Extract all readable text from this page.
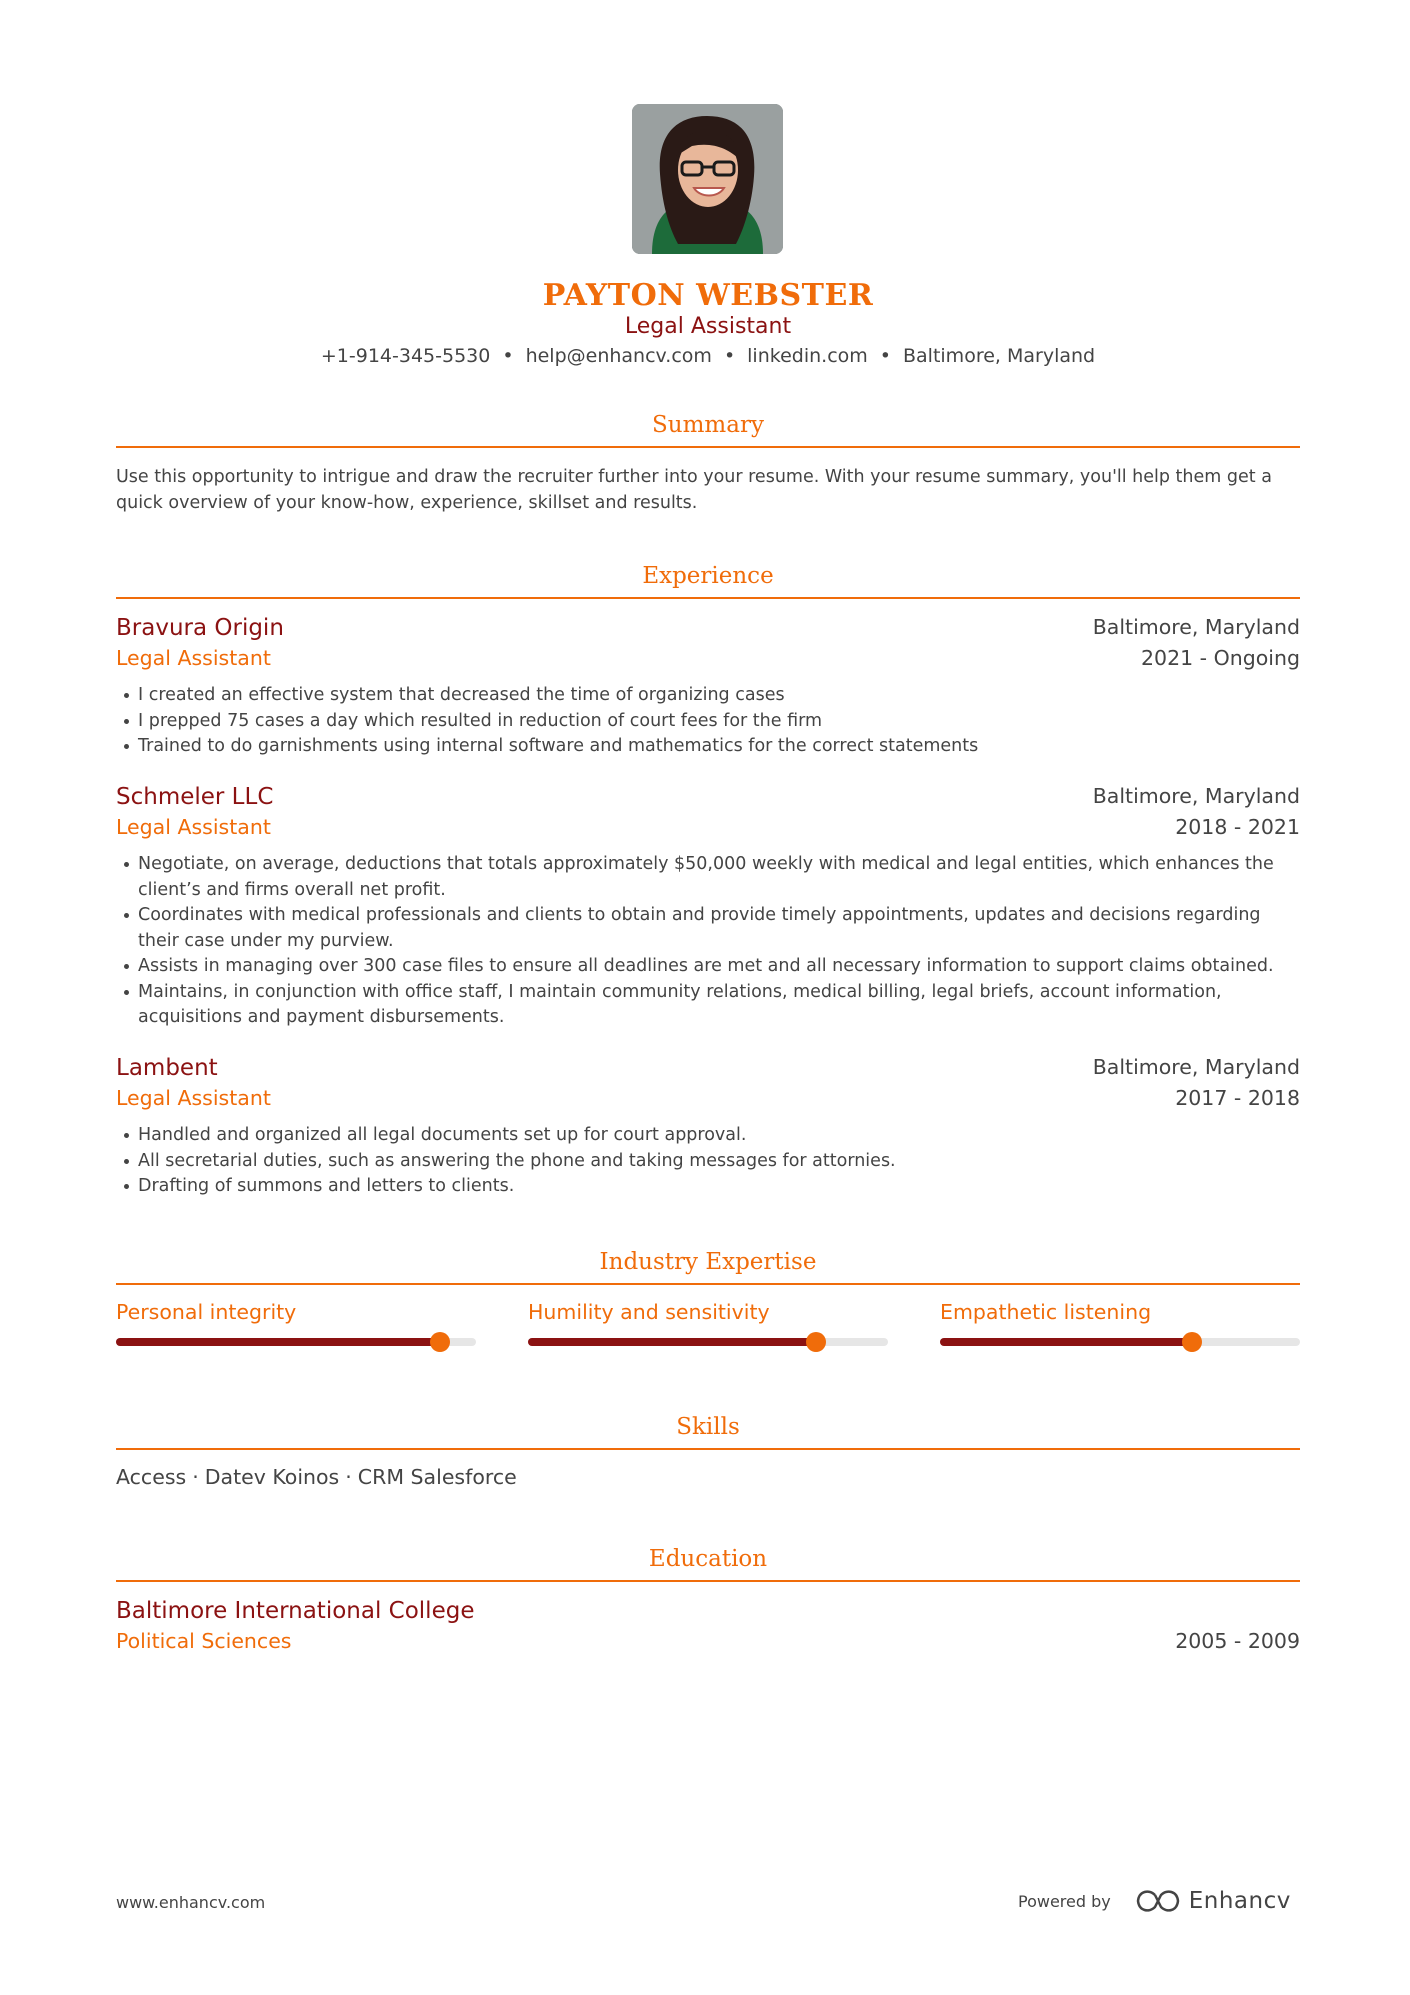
PAYTON WEBSTER
Legal Assistant
+1-914-345-5530 • help@enhancv.com • linkedin.com • Baltimore, Maryland
Summary
Use this opportunity to intrigue and draw the recruiter further into your resume. With your resume summary, you'll help them get a quick overview of your know-how, experience, skillset and results.
Experience
Bravura Origin	Baltimore, Maryland
Legal Assistant	2021 - Ongoing
I created an effective system that decreased the time of organizing cases
I prepped 75 cases a day which resulted in reduction of court fees for the firm
Trained to do garnishments using internal software and mathematics for the correct statements
Schmeler LLC	Baltimore, Maryland
Legal Assistant	2018 - 2021
Negotiate, on average, deductions that totals approximately $50,000 weekly with medical and legal entities, which enhances the client’s and firms overall net profit.
Coordinates with medical professionals and clients to obtain and provide timely appointments, updates and decisions regarding their case under my purview.
Assists in managing over 300 case files to ensure all deadlines are met and all necessary information to support claims obtained.
Maintains, in conjunction with office staff, I maintain community relations, medical billing, legal briefs, account information, acquisitions and payment disbursements.
Lambent	Baltimore, Maryland
Legal Assistant	2017 - 2018
Handled and organized all legal documents set up for court approval.
All secretarial duties, such as answering the phone and taking messages for attornies.
Drafting of summons and letters to clients.
Industry Expertise
Personal integrity	Humility and sensitivity	Empathetic listening
Skills
Access · Datev Koinos · CRM Salesforce
Education
Baltimore International College
Political Sciences	2005 - 2009
www.enhancv.com	Powered by	Enhancv
